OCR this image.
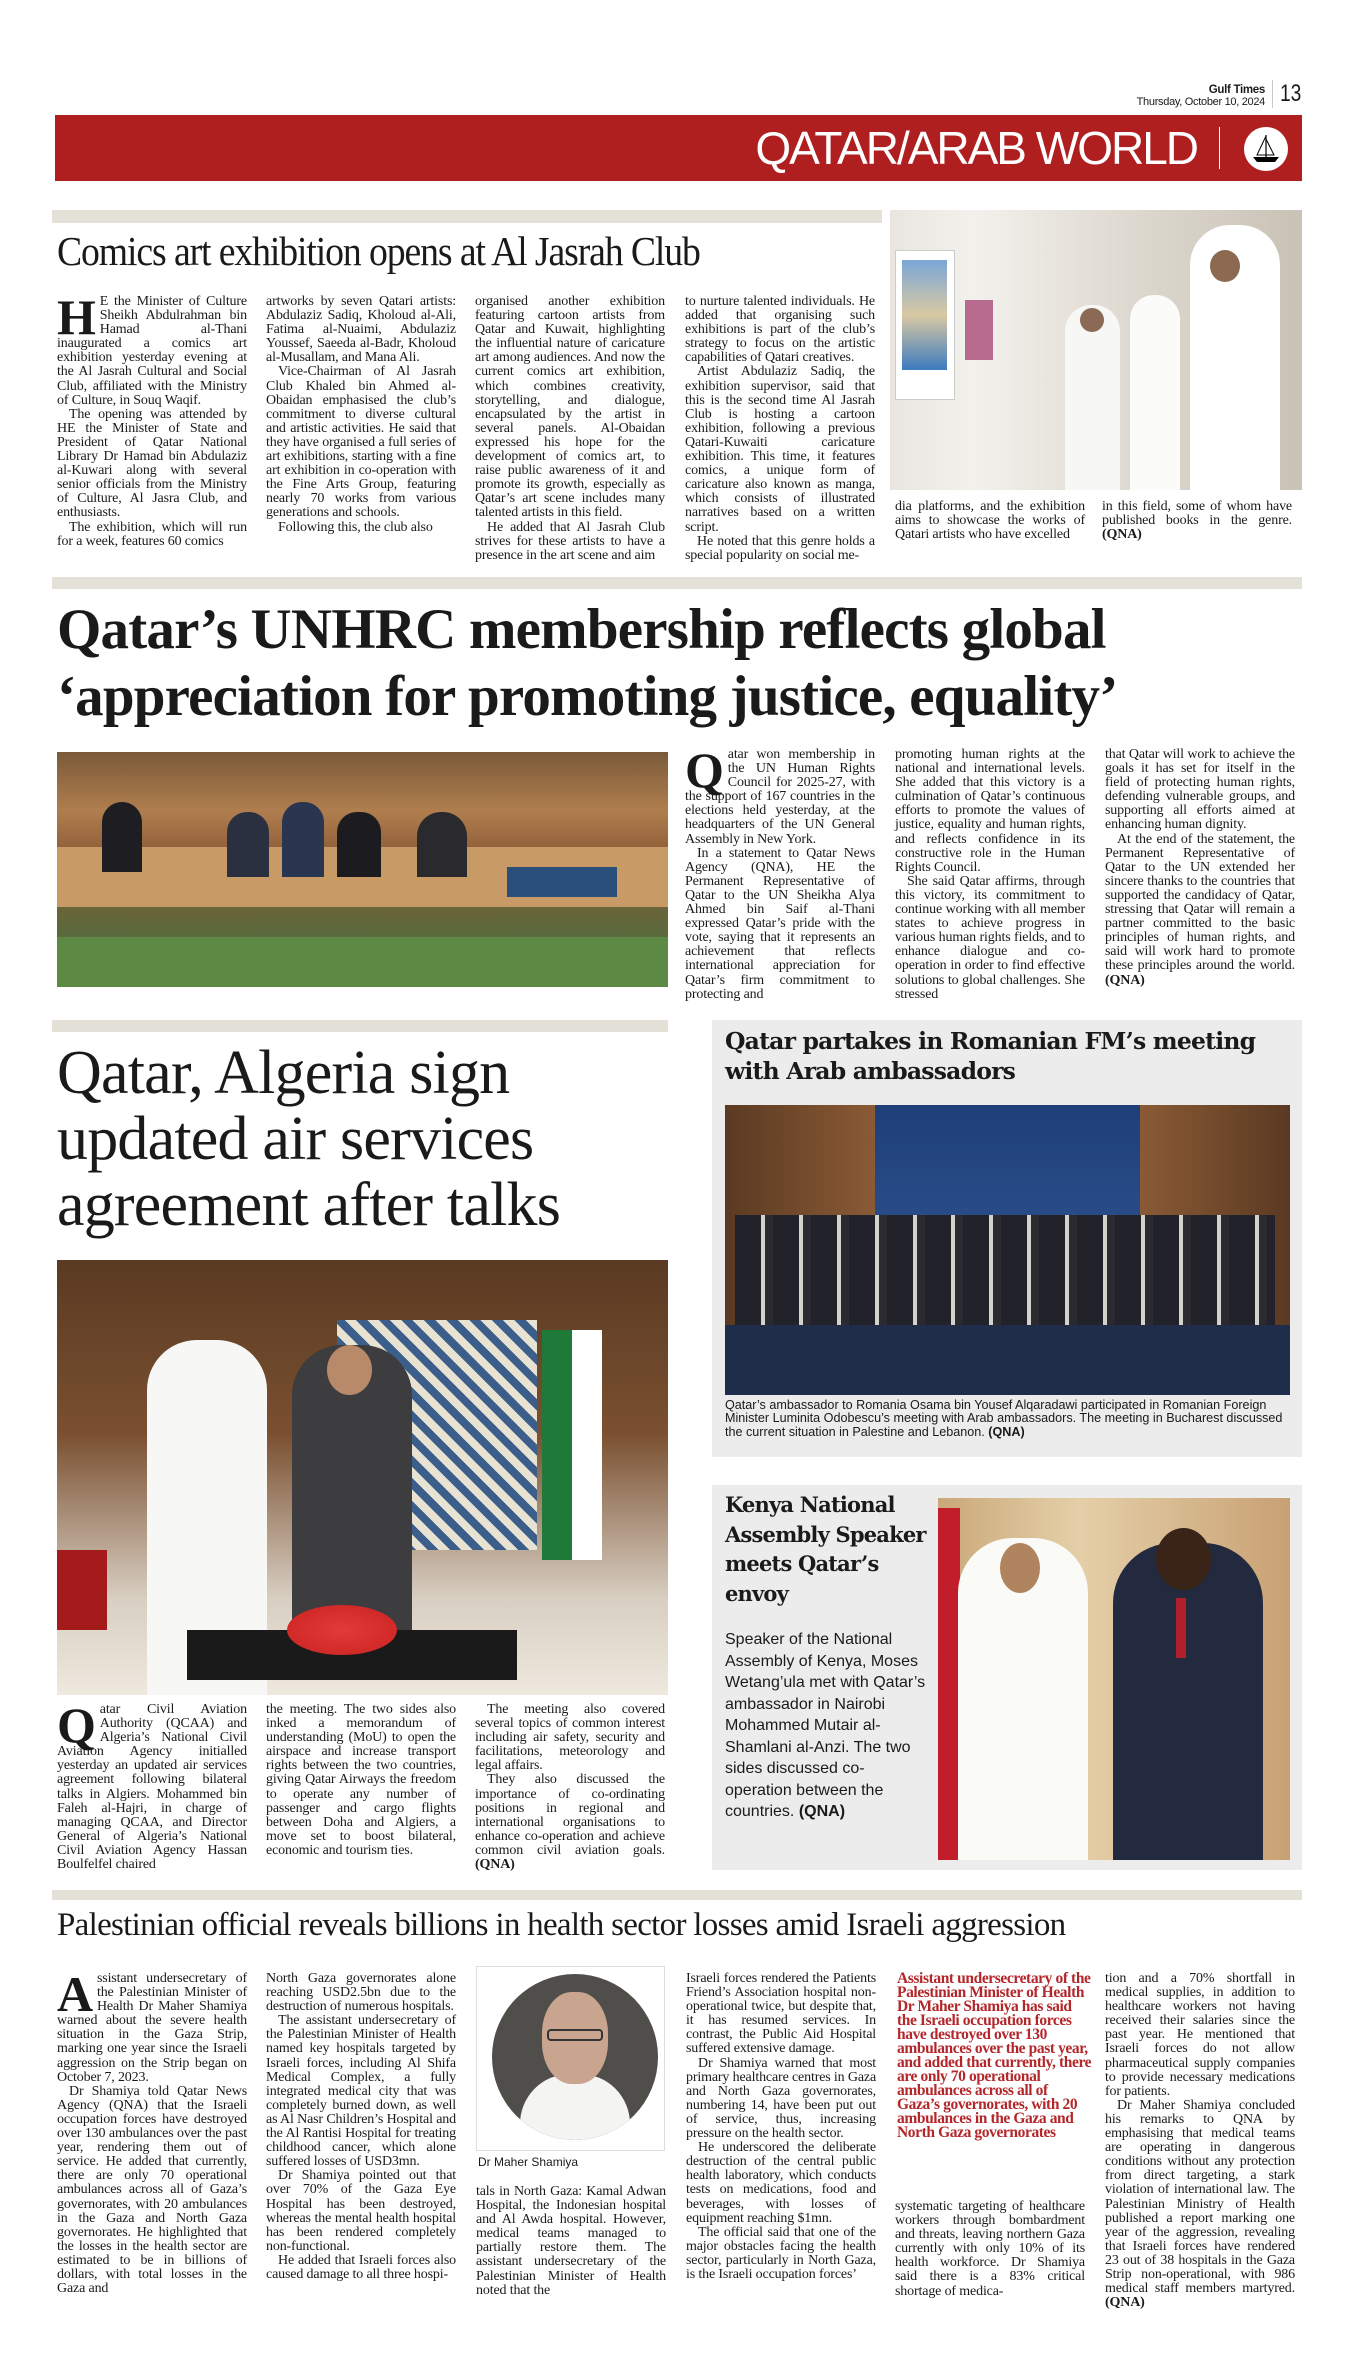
Gulf Times
Thursday, October 10, 2024 13
QATAR/ARAB WORLD
Comics art exhibition opens at Al Jasrah Club

H E the Minister of Culture Sheikh Abdulrahman bin Hamad al-Thani inaugurated a comics art exhibition yesterday evening at the Al Jasrah Cultural and Social Club, affiliated with the Ministry of Culture, in Souq Waqif.

The opening was attended by HE the Minister of State and President of Qatar National Library Dr Hamad bin Abdulaziz al-Kuwari along with several senior officials from the Ministry of Culture, Al Jasra Club, and enthusiasts.

The exhibition, which will run for a week, features 60 comics

artworks by seven Qatari artists: Abdulaziz Sadiq, Kholoud al-Ali, Fatima al-Nuaimi, Abdulaziz Youssef, Saeeda al-Badr, Kholoud al-Musallam, and Mana Ali.

Vice-Chairman of Al Jasrah Club Khaled bin Ahmed al-Obaidan emphasised the club’s commitment to diverse cultural and artistic activities. He said that they have organised a full series of art exhibitions, starting with a fine art exhibition in co-operation with the Fine Arts Group, featuring nearly 70 works from various generations and schools.

Following this, the club also

organised another exhibition featuring cartoon artists from Qatar and Kuwait, highlighting the influential nature of caricature art among audiences. And now the current comics art exhibition, which combines creativity, storytelling, and dialogue, encapsulated by the artist in several panels. Al-Obaidan expressed his hope for the development of comics art, to raise public awareness of it and promote its growth, especially as Qatar’s art scene includes many talented artists in this field.

He added that Al Jasrah Club strives for these artists to have a presence in the art scene and aim

to nurture talented individuals. He added that organising such exhibitions is part of the club’s strategy to focus on the artistic capabilities of Qatari creatives.

Artist Abdulaziz Sadiq, the exhibition supervisor, said that this is the second time Al Jasrah Club is hosting a cartoon exhibition, following a previous Qatari-Kuwaiti caricature exhibition. This time, it features comics, a unique form of caricature also known as manga, which consists of illustrated narratives based on a written script.

He noted that this genre holds a special popularity on social me-

dia platforms, and the exhibition aims to showcase the works of Qatari artists who have excelled

in this field, some of whom have published books in the genre. (QNA)

Qatar’s UNHRC membership reflects global
‘appreciation for promoting justice, equality’

Qatar won membership in the UN Human Rights Council for 2025-27, with the support of 167 countries in the elections held yesterday, at the headquarters of the UN General Assembly in New York.

In a statement to Qatar News Agency (QNA), HE the Permanent Representative of Qatar to the UN Sheikha Alya Ahmed bin Saif al-Thani expressed Qatar’s pride with the vote, saying that it represents an achievement that reflects international appreciation for Qatar’s firm commitment to protecting and

promoting human rights at the national and international levels. She added that this victory is a culmination of Qatar’s continuous efforts to promote the values of justice, equality and human rights, and reflects confidence in its constructive role in the Human Rights Council.

She said Qatar affirms, through this victory, its commitment to continue working with all member states to achieve progress in various human rights fields, and to enhance dialogue and co-operation in order to find effective solutions to global challenges. She stressed

that Qatar will work to achieve the goals it has set for itself in the field of protecting human rights, defending vulnerable groups, and supporting all efforts aimed at enhancing human dignity.

At the end of the statement, the Permanent Representative of Qatar to the UN extended her sincere thanks to the countries that supported the candidacy of Qatar, stressing that Qatar will remain a partner committed to the basic principles of human rights, and said will work hard to promote these principles around the world. (QNA)

Qatar, Algeria sign updated air services agreement after talks

Qatar Civil Aviation Authority (QCAA) and Algeria’s National Civil Aviation Agency initialled yesterday an updated air services agreement following bilateral talks in Algiers. Mohammed bin Faleh al-Hajri, in charge of managing QCAA, and Director General of Algeria’s National Civil Aviation Agency Hassan Boulfelfel chaired

the meeting. The two sides also inked a memorandum of understanding (MoU) to open the airspace and increase transport rights between the two countries, giving Qatar Airways the freedom to operate any number of passenger and cargo flights between Doha and Algiers, a move set to boost bilateral, economic and tourism ties.

The meeting also covered several topics of common interest including air safety, security and facilitations, meteorology and legal affairs.

They also discussed the importance of co-ordinating positions in regional and international organisations to enhance co-operation and achieve common civil aviation goals. (QNA)

Qatar partakes in Romanian FM’s meeting with Arab ambassadors
Qatar’s ambassador to Romania Osama bin Yousef Alqaradawi participated in Romanian Foreign Minister Luminita Odobescu’s meeting with Arab ambassadors. The meeting in Bucharest discussed the current situation in Palestine and Lebanon. (QNA)
Kenya National Assembly Speaker meets Qatar’s envoy
Speaker of the National Assembly of Kenya, Moses Wetang’ula met with Qatar’s ambassador in Nairobi Mohammed Mutair al-Shamlani al-Anzi. The two sides discussed co-operation between the countries. (QNA)
Palestinian official reveals billions in health sector losses amid Israeli aggression

Assistant undersecretary of the Palestinian Minister of Health Dr Maher Shamiya warned about the severe health situation in the Gaza Strip, marking one year since the Israeli aggression on the Strip began on October 7, 2023.

Dr Shamiya told Qatar News Agency (QNA) that the Israeli occupation forces have destroyed over 130 ambulances over the past year, rendering them out of service. He added that currently, there are only 70 operational ambulances across all of Gaza’s governorates, with 20 ambulances in the Gaza and North Gaza governorates. He highlighted that the losses in the health sector are estimated to be in billions of dollars, with total losses in the Gaza and

North Gaza governorates alone reaching USD2.5bn due to the destruction of numerous hospitals.

The assistant undersecretary of the Palestinian Minister of Health named key hospitals targeted by Israeli forces, including Al Shifa Medical Complex, a fully integrated medical city that was completely burned down, as well as Al Nasr Children’s Hospital and the Al Rantisi Hospital for treating childhood cancer, which alone suffered losses of USD3mn.

Dr Shamiya pointed out that over 70% of the Gaza Eye Hospital has been destroyed, whereas the mental health hospital has been rendered completely non-functional.

He added that Israeli forces also caused damage to all three hospi-

Dr Maher Shamiya

tals in North Gaza: Kamal Adwan Hospital, the Indonesian hospital and Al Awda hospital. However, medical teams managed to partially restore them. The assistant undersecretary of the Palestinian Minister of Health noted that the

Israeli forces rendered the Patients Friend’s Association hospital non-operational twice, but despite that, it has resumed services. In contrast, the Public Aid Hospital suffered extensive damage.

Dr Shamiya warned that most primary healthcare centres in Gaza and North Gaza governorates, numbering 14, have been put out of service, thus, increasing pressure on the health sector.

He underscored the deliberate destruction of the central public health laboratory, which conducts tests on medications, food and beverages, with losses of equipment reaching $1mn.

The official said that one of the major obstacles facing the health sector, particularly in North Gaza, is the Israeli occupation forces’

Assistant undersecretary of the Palestinian Minister of Health Dr Maher Shamiya has said the Israeli occupation forces have destroyed over 130 ambulances over the past year, and added that currently, there are only 70 operational ambulances across all of Gaza’s governorates, with 20 ambulances in the Gaza and North Gaza governorates

systematic targeting of healthcare workers through bombardment and threats, leaving northern Gaza currently with only 10% of its health workforce. Dr Shamiya said there is a 83% critical shortage of medica-

tion and a 70% shortfall in medical supplies, in addition to healthcare workers not having received their salaries since the past year. He mentioned that Israeli forces do not allow pharmaceutical supply companies to provide necessary medications for patients.

Dr Maher Shamiya concluded his remarks to QNA by emphasising that medical teams are operating in dangerous conditions without any protection from direct targeting, a stark violation of international law. The Palestinian Ministry of Health published a report marking one year of the aggression, revealing that Israeli forces have rendered 23 out of 38 hospitals in the Gaza Strip non-operational, with 986 medical staff members martyred. (QNA)
